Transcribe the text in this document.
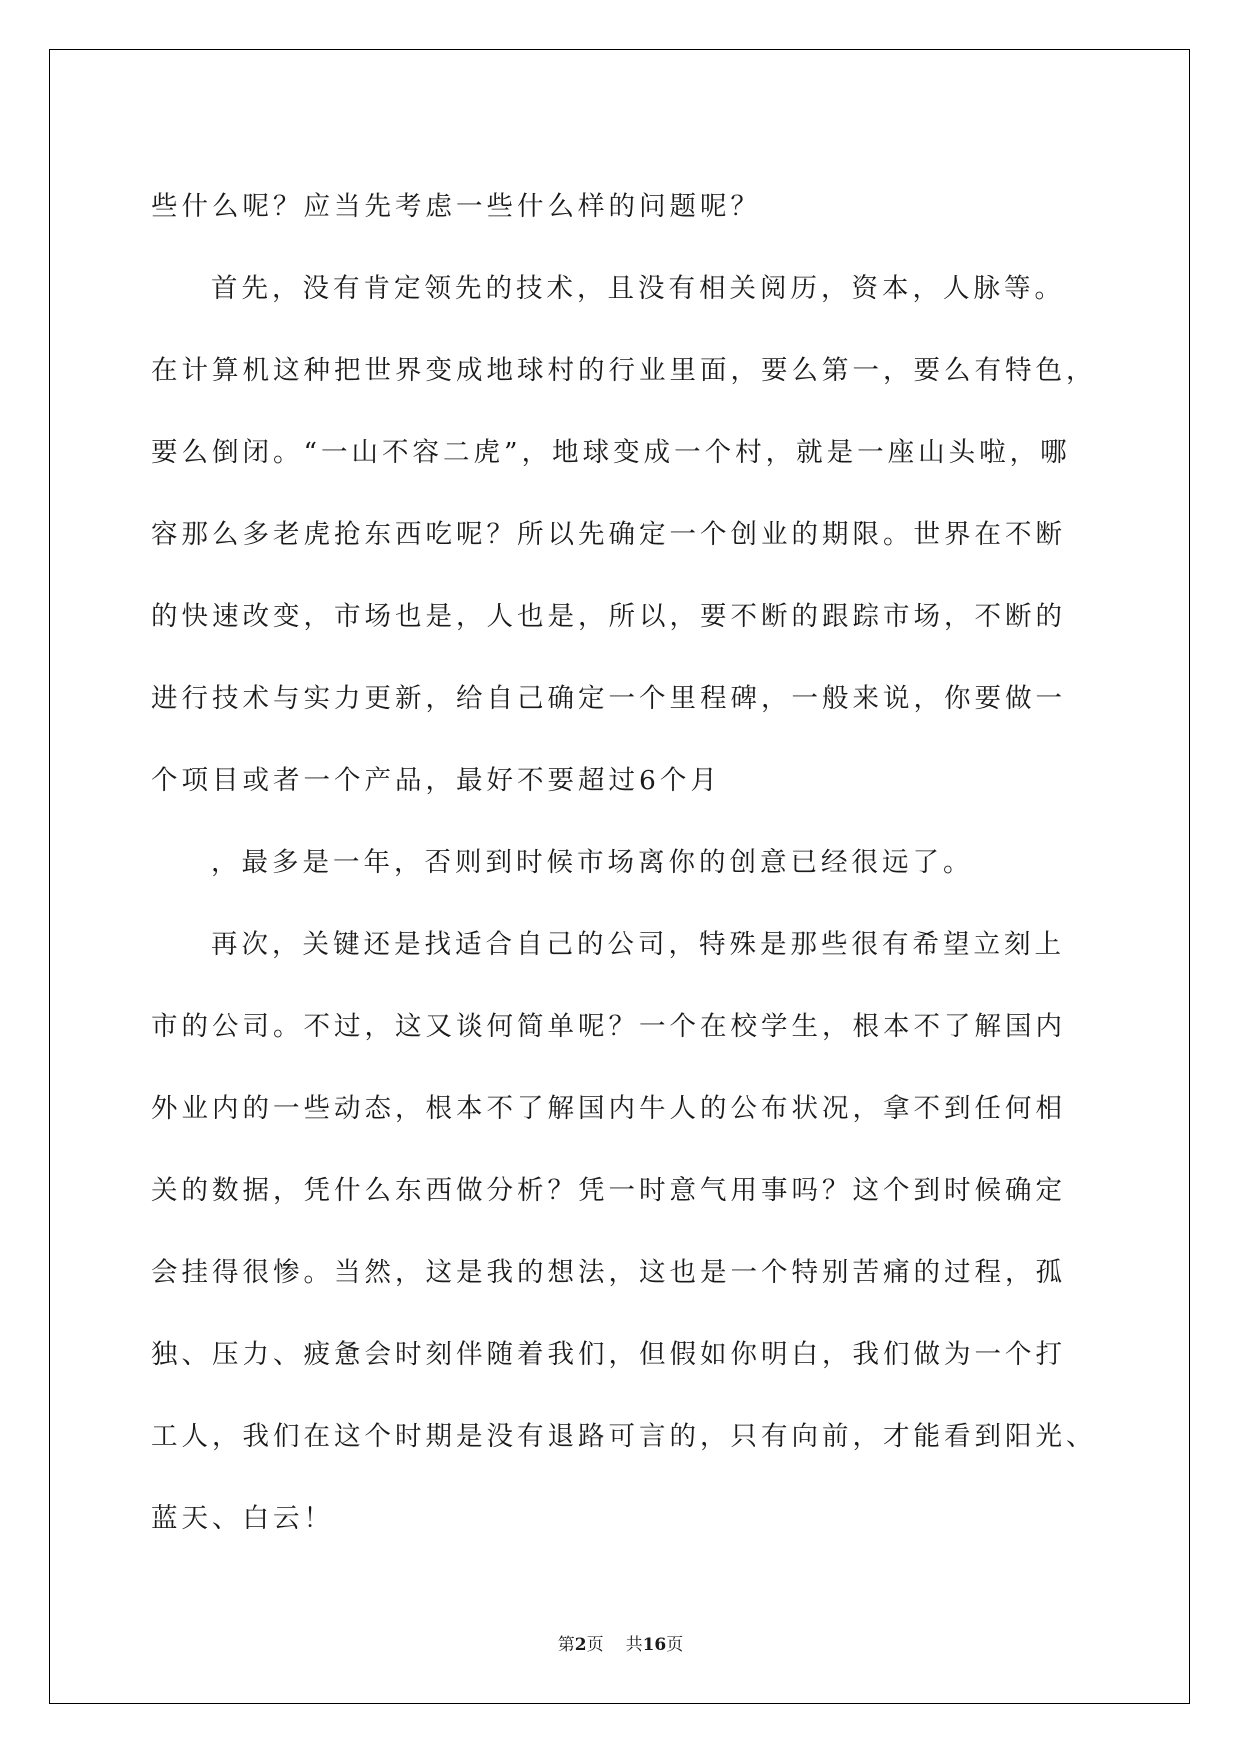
些什么呢？应当先考虑一些什么样的问题呢？
首先，没有肯定领先的技术，且没有相关阅历，资本，人脉等。
在计算机这种把世界变成地球村的行业里面，要么第一，要么有特色，
要么倒闭。“一山不容二虎”，地球变成一个村，就是一座山头啦，哪
容那么多老虎抢东西吃呢？所以先确定一个创业的期限。世界在不断
的快速改变，市场也是，人也是，所以，要不断的跟踪市场，不断的
进行技术与实力更新，给自己确定一个里程碑，一般来说，你要做一
个项目或者一个产品，最好不要超过6个月
，最多是一年，否则到时候市场离你的创意已经很远了。
再次，关键还是找适合自己的公司，特殊是那些很有希望立刻上
市的公司。不过，这又谈何简单呢？一个在校学生，根本不了解国内
外业内的一些动态，根本不了解国内牛人的公布状况，拿不到任何相
关的数据，凭什么东西做分析？凭一时意气用事吗？这个到时候确定
会挂得很惨。当然，这是我的想法，这也是一个特别苦痛的过程，孤
独、压力、疲惫会时刻伴随着我们，但假如你明白，我们做为一个打
工人，我们在这个时期是没有退路可言的，只有向前，才能看到阳光、
蓝天、白云！
第2页 共16页
